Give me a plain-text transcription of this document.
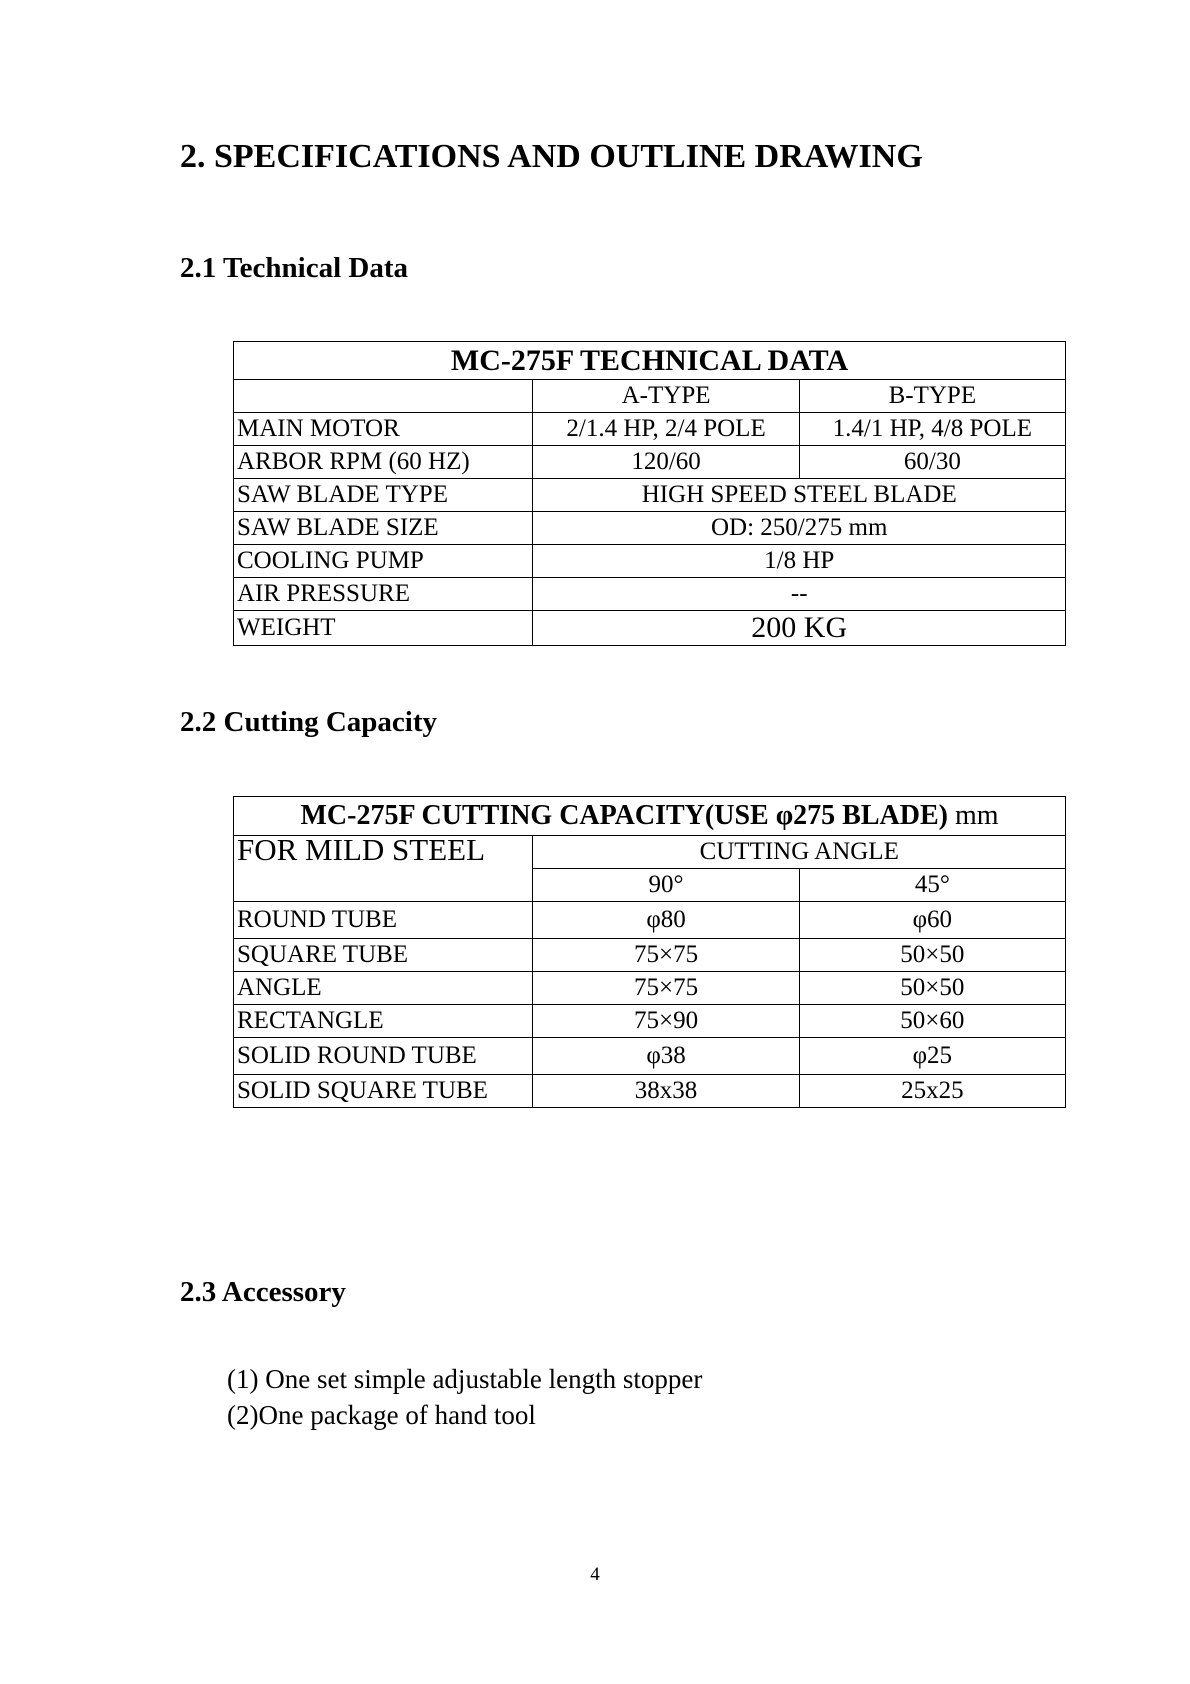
2. SPECIFICATIONS AND OUTLINE DRAWING
2.1 Technical Data
MC-275F TECHNICAL DATA		
	A-TYPE	B-TYPE
MAIN MOTOR	2/1.4 HP, 2/4 POLE	1.4/1 HP, 4/8 POLE
ARBOR RPM (60 HZ)	120/60	60/30
SAW BLADE TYPE	HIGH SPEED STEEL BLADE	
SAW BLADE SIZE	OD: 250/275 mm	
COOLING PUMP	1/8 HP	
AIR PRESSURE	--	
WEIGHT	200 KG	
2.2 Cutting Capacity
MC-275F CUTTING CAPACITY(USE φ275 BLADE) mm		
FOR MILD STEEL	CUTTING ANGLE	
	90°	45°
ROUND TUBE	φ80	φ60
SQUARE TUBE	75×75	50×50
ANGLE	75×75	50×50
RECTANGLE	75×90	50×60
SOLID ROUND TUBE	φ38	φ25
SOLID SQUARE TUBE	38x38	25x25
2.3 Accessory
(1) One set simple adjustable length stopper
(2)One package of hand tool
4
